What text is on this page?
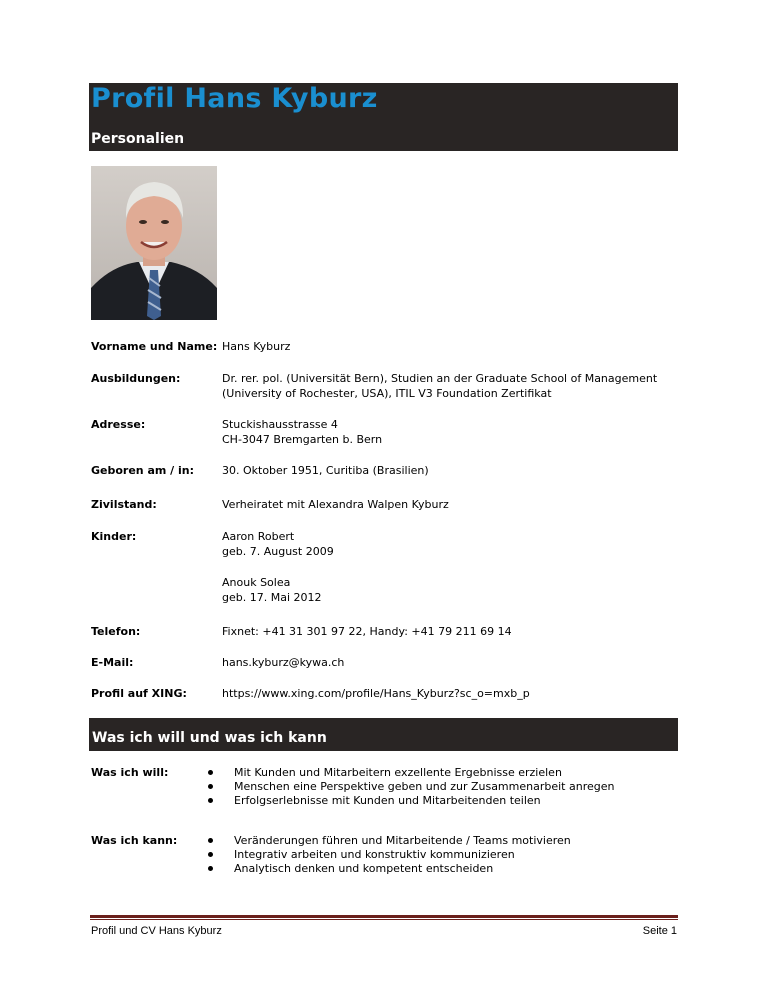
Profil Hans Kyburz
Personalien
Vorname und Name: Hans Kyburz
Ausbildungen:	Dr. rer. pol. (Universität Bern), Studien an der Graduate School of Management
(University of Rochester, USA), ITIL V3 Foundation Zertifikat
Adresse:	Stuckishausstrasse 4
CH-3047 Bremgarten b. Bern
Geboren am / in:	30. Oktober 1951, Curitiba (Brasilien)
Zivilstand:	Verheiratet mit Alexandra Walpen Kyburz
Kinder:	Aaron Robert
geb. 7. August 2009
Anouk Solea
geb. 17. Mai 2012
Telefon:	Fixnet: +41 31 301 97 22, Handy: +41 79 211 69 14
E-Mail:	hans.kyburz@kywa.ch
Profil auf XING:	https://www.xing.com/profile/Hans_Kyburz?sc_o=mxb_p
Was ich will und was ich kann
Was ich will:	Mit Kunden und Mitarbeitern exzellente Ergebnisse erzielen
Menschen eine Perspektive geben und zur Zusammenarbeit anregen
Erfolgserlebnisse mit Kunden und Mitarbeitenden teilen
Was ich kann:	Veränderungen führen und Mitarbeitende / Teams motivieren
Integrativ arbeiten und konstruktiv kommunizieren
Analytisch denken und kompetent entscheiden
Profil und CV Hans Kyburz	Seite 1
